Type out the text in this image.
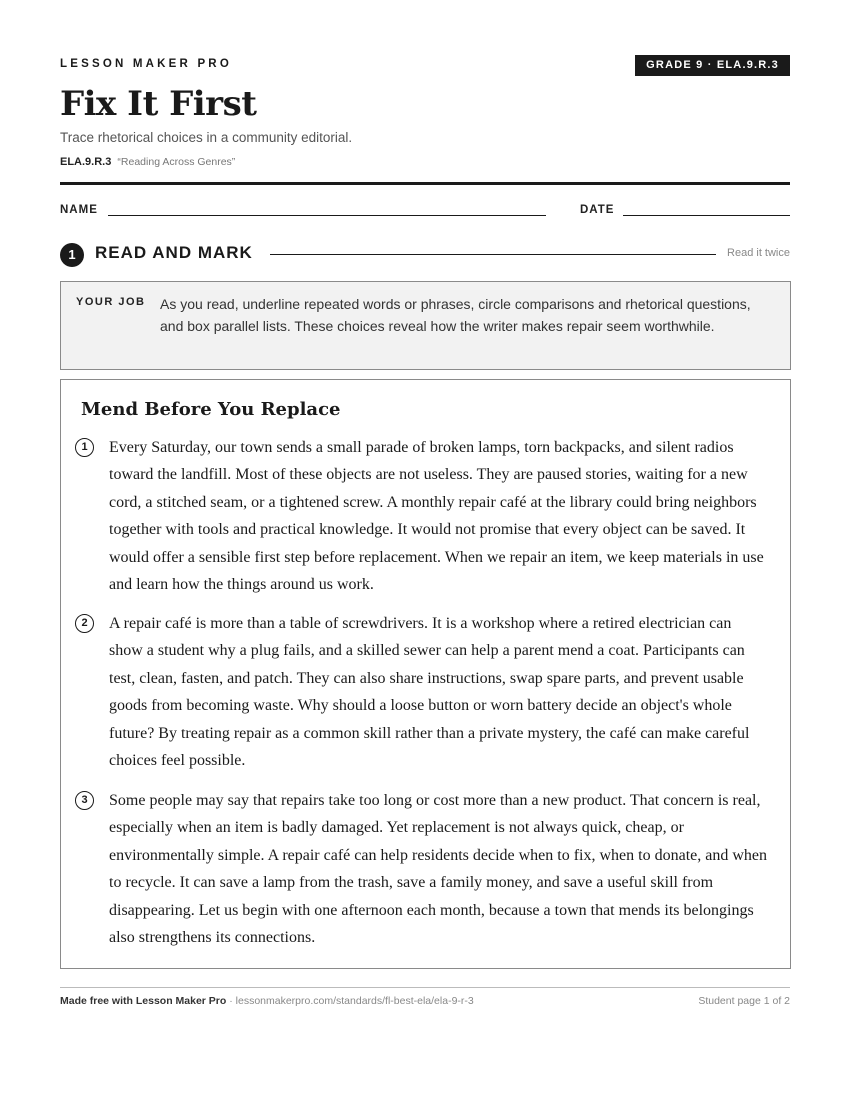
LESSON MAKER PRO	GRADE 9 · ELA.9.R.3
Fix It First
Trace rhetorical choices in a community editorial.
ELA.9.R.3 “Reading Across Genres”
NAME	DATE
1	READ AND MARK	Read it twice
YOUR JOB As you read, underline repeated words or phrases, circle comparisons and rhetorical questions, and box parallel lists. These choices reveal how the writer makes repair seem worthwhile.
Mend Before You Replace
1	Every Saturday, our town sends a small parade of broken lamps, torn backpacks, and silent radios toward the landfill. Most of these objects are not useless. They are paused stories, waiting for a new cord, a stitched seam, or a tightened screw. A monthly repair café at the library could bring neighbors together with tools and practical knowledge. It would not promise that every object can be saved. It would offer a sensible first step before replacement. When we repair an item, we keep materials in use and learn how the things around us work.

2	A repair café is more than a table of screwdrivers. It is a workshop where a retired electrician can show a student why a plug fails, and a skilled sewer can help a parent mend a coat. Participants can test, clean, fasten, and patch. They can also share instructions, swap spare parts, and prevent usable goods from becoming waste. Why should a loose button or worn battery decide an object's whole future? By treating repair as a common skill rather than a private mystery, the café can make careful choices feel possible.

3	Some people may say that repairs take too long or cost more than a new product. That concern is real, especially when an item is badly damaged. Yet replacement is not always quick, cheap, or environmentally simple. A repair café can help residents decide when to fix, when to donate, and when to recycle. It can save a lamp from the trash, save a family money, and save a useful skill from disappearing. Let us begin with one afternoon each month, because a town that mends its belongings also strengthens its connections.

Made free with Lesson Maker Pro · lessonmakerpro.com/standards/fl-best-ela/ela-9-r-3	Student page 1 of 2
